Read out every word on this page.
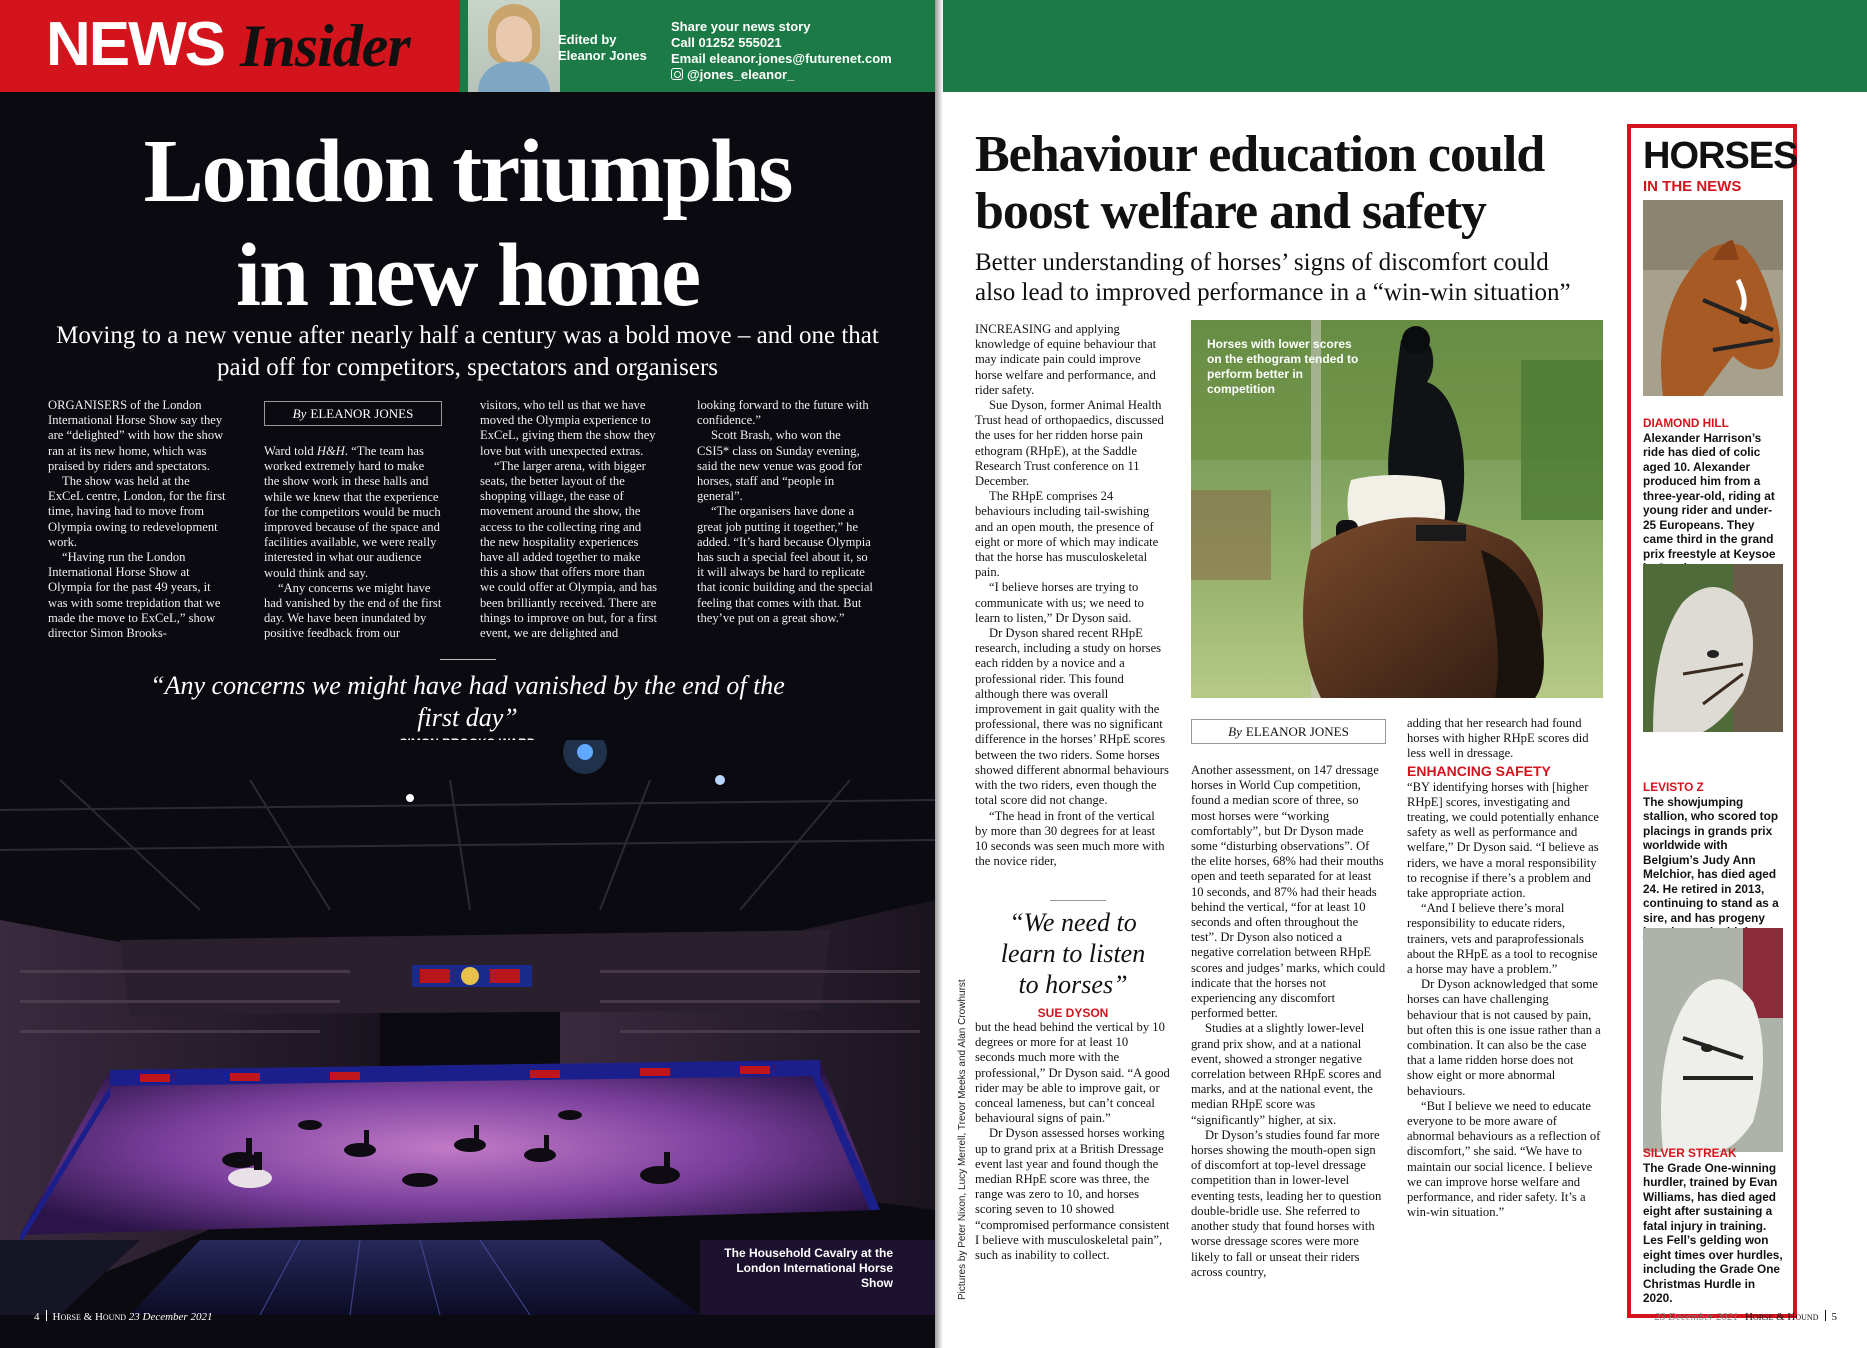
NEWS Insider	Edited by
Eleanor Jones
Share your news story
Call 01252 555021
Email eleanor.jones@futurenet.com
@jones_eleanor_
London triumphs
in new home

Moving to a new venue after nearly half a century was a bold move – and one that paid off for competitors, spectators and organisers

ORGANISERS of the London International Horse Show say they are “delighted” with how the show ran at its new home, which was praised by riders and spectators.

The show was held at the ExCeL centre, London, for the first time, having had to move from Olympia owing to redevelopment work.

“Having run the London International Horse Show at Olympia for the past 49 years, it was with some trepidation that we made the move to ExCeL,” show director Simon Brooks-

By ELEANOR JONES

Ward told H&H. “The team has worked extremely hard to make the show work in these halls and while we knew that the experience for the competitors would be much improved because of the space and facilities available, we were really interested in what our audience would think and say.

“Any concerns we might have had vanished by the end of the first day. We have been inundated by positive feedback from our

visitors, who tell us that we have moved the Olympia experience to ExCeL, giving them the show they love but with unexpected extras.

“The larger arena, with bigger seats, the better layout of the shopping village, the ease of movement around the show, the access to the collecting ring and the new hospitality experiences have all added together to make this a show that offers more than we could offer at Olympia, and has been brilliantly received. There are things to improve on but, for a first event, we are delighted and

looking forward to the future with confidence.”

Scott Brash, who won the CSI5* class on Sunday evening, said the new venue was good for horses, staff and “people in general”.

“The organisers have done a great job putting it together,” he added. “It’s hard because Olympia has such a special feel about it, so it will always be hard to replicate that iconic building and the special feeling that comes with that. But they’ve put on a great show.”

“Any concerns we might have had vanished by the end of the first day”
The Household Cavalry at the London International Horse Show
4 Horse & Hound 23 December 2021
Behaviour education could boost welfare and safety

Better understanding of horses’ signs of discomfort could also lead to improved performance in a “win-win situation”

INCREASING and applying knowledge of equine behaviour that may indicate pain could improve horse welfare and performance, and rider safety.

Sue Dyson, former Animal Health Trust head of orthopaedics, discussed the uses for her ridden horse pain ethogram (RHpE), at the Saddle Research Trust conference on 11 December.

The RHpE comprises 24 behaviours including tail-swishing and an open mouth, the presence of eight or more of which may indicate that the horse has musculoskeletal pain.

“I believe horses are trying to communicate with us; we need to learn to listen,” Dr Dyson said.

Dr Dyson shared recent RHpE research, including a study on horses each ridden by a novice and a professional rider. This found although there was overall improvement in gait quality with the professional, there was no significant difference in the horses’ RHpE scores between the two riders. Some horses showed different abnormal behaviours with the two riders, even though the total score did not change.

“The head in front of the vertical by more than 30 degrees for at least 10 seconds was seen much more with the novice rider,

“We need to learn to listen to horses”
SUE DYSON

but the head behind the vertical by 10 degrees or more for at least 10 seconds much more with the professional,” Dr Dyson said. “A good rider may be able to improve gait, or conceal lameness, but can’t conceal behavioural signs of pain.”

Dr Dyson assessed horses working up to grand prix at a British Dressage event last year and found though the median RHpE score was three, the range was zero to 10, and horses scoring seven to 10 showed “compromised performance consistent I believe with musculoskeletal pain”, such as inability to collect.

Pictures by Peter Nixon, Lucy Merrell, Trevor Meeks and Alan Crowhurst
Horses with lower scores on the ethogram tended to perform better in competition
By ELEANOR JONES

Another assessment, on 147 dressage horses in World Cup competition, found a median score of three, so most horses were “working comfortably”, but Dr Dyson made some “disturbing observations”. Of the elite horses, 68% had their mouths open and teeth separated for at least 10 seconds, and 87% had their heads behind the vertical, “for at least 10 seconds and often throughout the test”. Dr Dyson also noticed a negative correlation between RHpE scores and judges’ marks, which could indicate that the horses not experiencing any discomfort performed better.

Studies at a slightly lower-level grand prix show, and at a national event, showed a stronger negative correlation between RHpE scores and marks, and at the national event, the median RHpE score was “significantly” higher, at six.

Dr Dyson’s studies found far more horses showing the mouth-open sign of discomfort at top-level dressage competition than in lower-level eventing tests, leading her to question double-bridle use. She referred to another study that found horses with worse dressage scores were more likely to fall or unseat their riders across country,

adding that her research had found horses with higher RHpE scores did less well in dressage.

ENHANCING SAFETY

“BY identifying horses with [higher RHpE] scores, investigating and treating, we could potentially enhance safety as well as performance and welfare,” Dr Dyson said. “I believe as riders, we have a moral responsibility to recognise if there’s a problem and take appropriate action.

“And I believe there’s moral responsibility to educate riders, trainers, vets and paraprofessionals about the RHpE as a tool to recognise a horse may have a problem.”

Dr Dyson acknowledged that some horses can have challenging behaviour that is not caused by pain, but often this is one issue rather than a combination. It can also be the case that a lame ridden horse does not show eight or more abnormal behaviours.

“But I believe we need to educate everyone to be more aware of abnormal behaviours as a reflection of discomfort,” she said. “We have to maintain our social licence. I believe we can improve horse welfare and performance, and rider safety. It’s a win-win situation.”

HORSES
IN THE NEWS
DIAMOND HILL
Alexander Harrison’s ride has died of colic aged 10. Alexander produced him from a three-year-old, riding at young rider and under-25 Europeans. They came third in the grand prix freestyle at Keysoe
LEVISTO Z
The showjumping stallion, who scored top placings in grands prix worldwide with Belgium’s Judy Ann Melchior, has died aged 24. He retired in 2013, continuing to stand as a sire, and has progeny
SILVER STREAK
The Grade One-winning hurdler, trained by Evan Williams, has died aged eight after sustaining a fatal injury in training. Les Fell’s gelding won eight times over hurdles, including the Grade One Christmas Hurdle in 2020.
23 December 2021 Horse & Hound 5
